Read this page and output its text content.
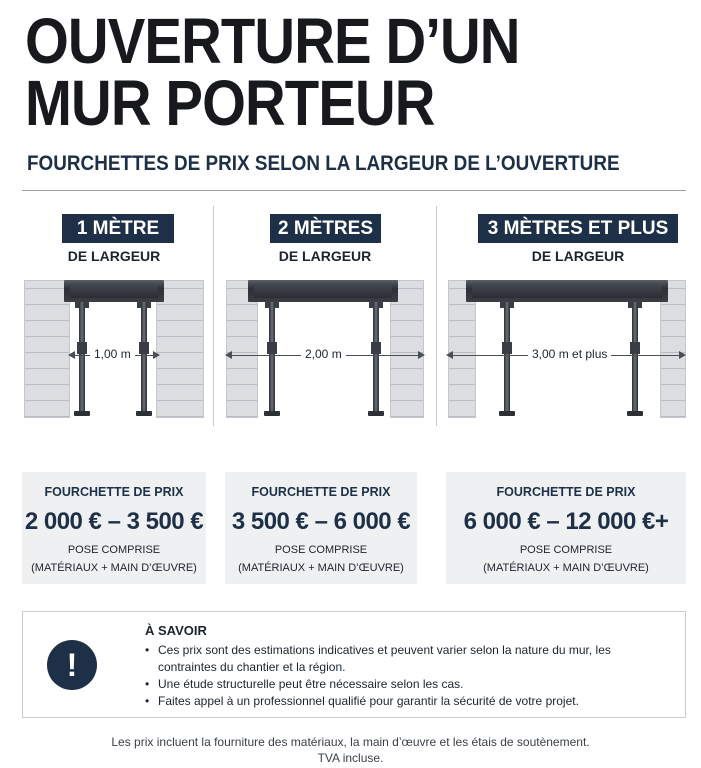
OUVERTURE D’UN
MUR PORTEUR
FOURCHETTES DE PRIX SELON LA LARGEUR DE L’OUVERTURE
1 MÈTRE
DE LARGEUR
1,00 m
FOURCHETTE DE PRIX
2 000 € – 3 500 €
POSE COMPRISE
(MATÉRIAUX + MAIN D’ŒUVRE)
2 MÈTRES
DE LARGEUR
2,00 m
FOURCHETTE DE PRIX
3 500 € – 6 000 €
POSE COMPRISE
(MATÉRIAUX + MAIN D’ŒUVRE)
3 MÈTRES ET PLUS
DE LARGEUR
3,00 m et plus
FOURCHETTE DE PRIX
6 000 € – 12 000 €+
POSE COMPRISE
(MATÉRIAUX + MAIN D’ŒUVRE)
!
À SAVOIR
• Ces prix sont des estimations indicatives et peuvent varier selon la nature du mur, les contraintes du chantier et la région.
• Une étude structurelle peut être nécessaire selon les cas.
• Faites appel à un professionnel qualifié pour garantir la sécurité de votre projet.
Les prix incluent la fourniture des matériaux, la main d’œuvre et les étais de soutènement.
TVA incluse.
